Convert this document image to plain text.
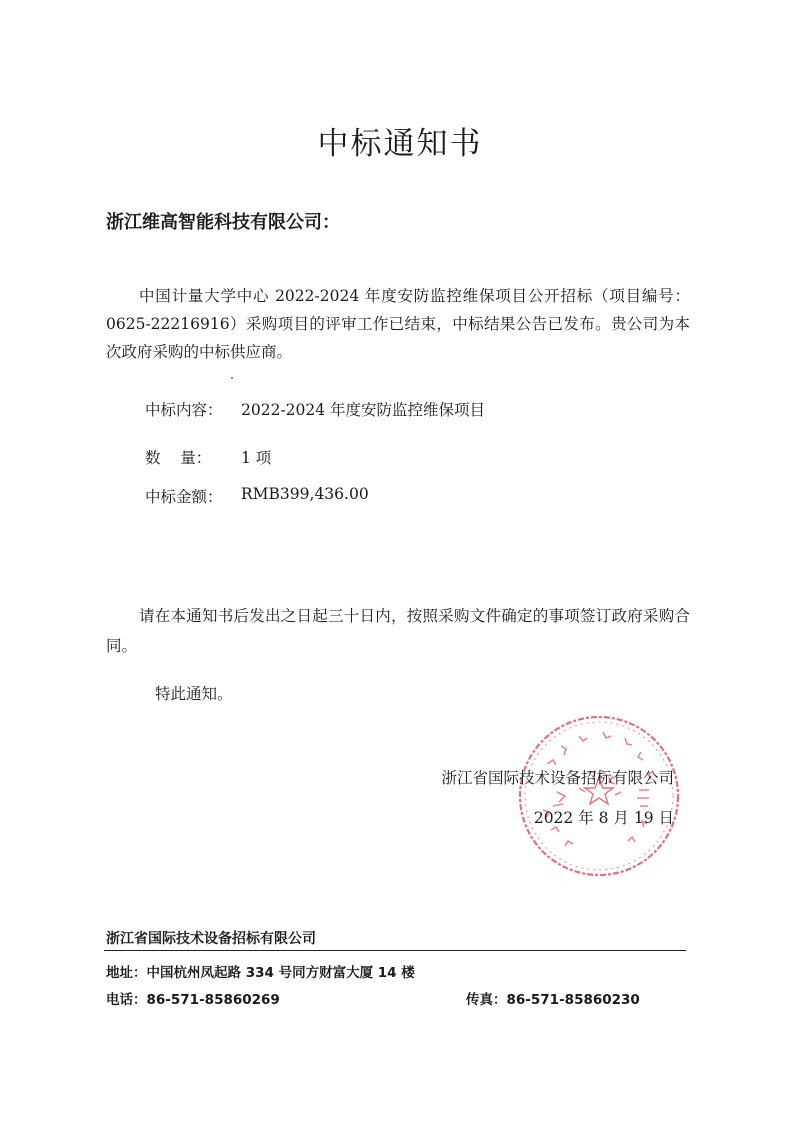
中标通知书
浙江维高智能科技有限公司：
中国计量大学中心 2022-2024 年度安防监控维保项目公开招标（项目编号：0625-22216916）采购项目的评审工作已结束，中标结果公告已发布。贵公司为本次政府采购的中标供应商。
中标内容：	2022-2024 年度安防监控维保项目
数    量：	1 项
中标金额：	RMB399,436.00
请在本通知书后发出之日起三十日内，按照采购文件确定的事项签订政府采购合同。
特此通知。
浙江省国际技术设备招标有限公司
2022 年 8 月 19 日
浙江省国际技术设备招标有限公司
地址：中国杭州凤起路 334 号同方财富大厦 14 楼
电话：86-571-85860269	传真：86-571-85860230
